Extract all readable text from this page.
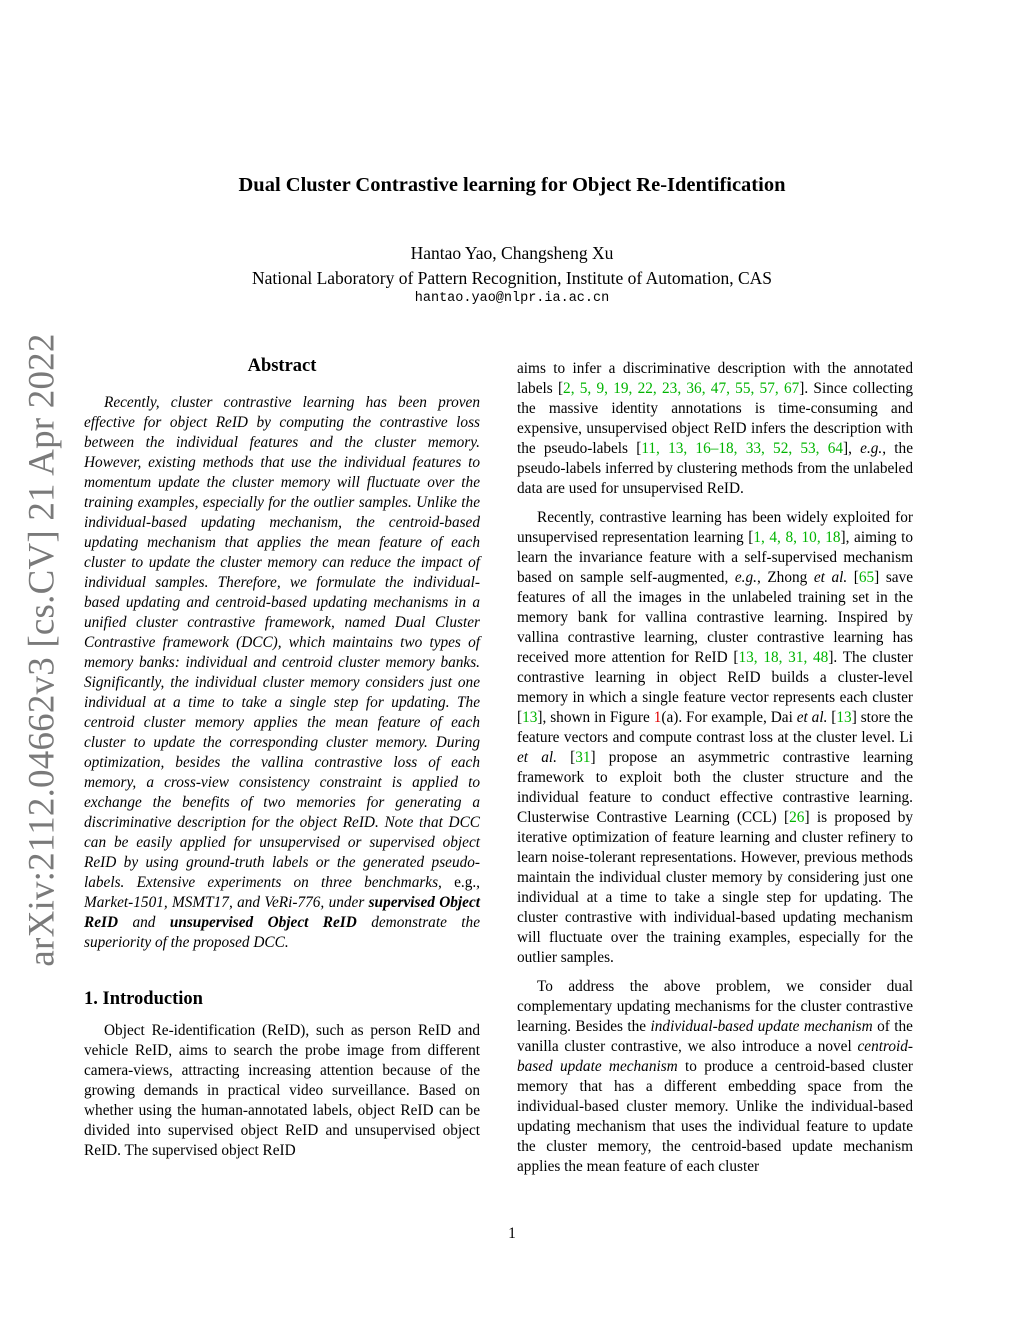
arXiv:2112.04662v3 [cs.CV] 21 Apr 2022
Dual Cluster Contrastive learning for Object Re-Identification
Hantao Yao, Changsheng Xu
National Laboratory of Pattern Recognition, Institute of Automation, CAS
hantao.yao@nlpr.ia.ac.cn
Abstract

Recently, cluster contrastive learning has been proven effective for object ReID by computing the contrastive loss between the individual features and the cluster memory. However, existing methods that use the individual features to momentum update the cluster memory will fluctuate over the training examples, especially for the outlier samples. Unlike the individual-based updating mechanism, the centroid-based updating mechanism that applies the mean feature of each cluster to update the cluster memory can reduce the impact of individual samples. Therefore, we formulate the individual-based updating and centroid-based updating mechanisms in a unified cluster contrastive framework, named Dual Cluster Contrastive framework (DCC), which maintains two types of memory banks: individual and centroid cluster memory banks. Significantly, the individual cluster memory considers just one individual at a time to take a single step for updating. The centroid cluster memory applies the mean feature of each cluster to update the corresponding cluster memory. During optimization, besides the vallina contrastive loss of each memory, a cross-view consistency constraint is applied to exchange the benefits of two memories for generating a discriminative description for the object ReID. Note that DCC can be easily applied for unsupervised or supervised object ReID by using ground-truth labels or the generated pseudo-labels. Extensive experiments on three benchmarks, e.g., Market-1501, MSMT17, and VeRi-776, under supervised Object ReID and unsupervised Object ReID demonstrate the superiority of the proposed DCC.

1. Introduction

Object Re-identification (ReID), such as person ReID and vehicle ReID, aims to search the probe image from different camera-views, attracting increasing attention because of the growing demands in practical video surveillance. Based on whether using the human-annotated labels, object ReID can be divided into supervised object ReID and unsupervised object ReID. The supervised object ReID

aims to infer a discriminative description with the annotated labels [2, 5, 9, 19, 22, 23, 36, 47, 55, 57, 67]. Since collecting the massive identity annotations is time-consuming and expensive, unsupervised object ReID infers the description with the pseudo-labels [11, 13, 16–18, 33, 52, 53, 64], e.g., the pseudo-labels inferred by clustering methods from the unlabeled data are used for unsupervised ReID.

Recently, contrastive learning has been widely exploited for unsupervised representation learning [1, 4, 8, 10, 18], aiming to learn the invariance feature with a self-supervised mechanism based on sample self-augmented, e.g., Zhong et al. [65] save features of all the images in the unlabeled training set in the memory bank for vallina contrastive learning. Inspired by vallina contrastive learning, cluster contrastive learning has received more attention for ReID [13, 18, 31, 48]. The cluster contrastive learning in object ReID builds a cluster-level memory in which a single feature vector represents each cluster [13], shown in Figure 1(a). For example, Dai et al. [13] store the feature vectors and compute contrast loss at the cluster level. Li et al. [31] propose an asymmetric contrastive learning framework to exploit both the cluster structure and the individual feature to conduct effective contrastive learning. Clusterwise Contrastive Learning (CCL) [26] is proposed by iterative optimization of feature learning and cluster refinery to learn noise-tolerant representations. However, previous methods maintain the individual cluster memory by considering just one individual at a time to take a single step for updating. The cluster contrastive with individual-based updating mechanism will fluctuate over the training examples, especially for the outlier samples.

To address the above problem, we consider dual complementary updating mechanisms for the cluster contrastive learning. Besides the individual-based update mechanism of the vanilla cluster contrastive, we also introduce a novel centroid-based update mechanism to produce a centroid-based cluster memory that has a different embedding space from the individual-based cluster memory. Unlike the individual-based updating mechanism that uses the individual feature to update the cluster memory, the centroid-based update mechanism applies the mean feature of each cluster

1
